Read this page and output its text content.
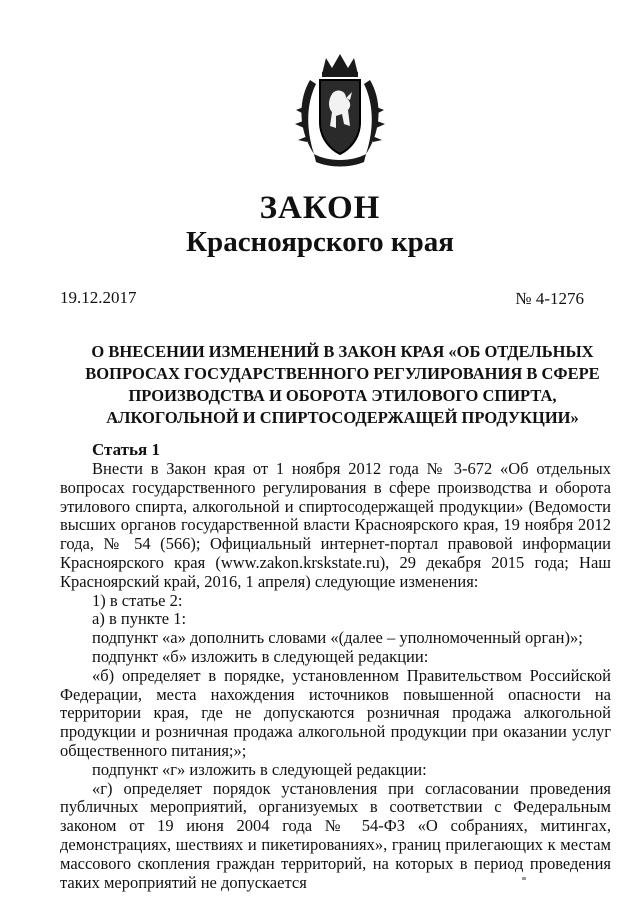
ЗАКОН
Красноярского края
19.12.2017	№ 4-1276
О ВНЕСЕНИИ ИЗМЕНЕНИЙ В ЗАКОН КРАЯ «ОБ ОТДЕЛЬНЫХ ВОПРОСАХ ГОСУДАРСТВЕННОГО РЕГУЛИРОВАНИЯ В СФЕРЕ ПРОИЗВОДСТВА И ОБОРОТА ЭТИЛОВОГО СПИРТА, АЛКОГОЛЬНОЙ И СПИРТОСОДЕРЖАЩЕЙ ПРОДУКЦИИ»
Статья 1

Внести в Закон края от 1 ноября 2012 года № 3-672 «Об отдельных вопросах государственного регулирования в сфере производства и оборота этилового спирта, алкогольной и спиртосодержащей продукции» (Ведомости высших органов государственной власти Красноярского края, 19 ноября 2012 года, № 54 (566); Официальный интернет-портал правовой информации Красноярского края (www.zakon.krskstate.ru), 29 декабря 2015 года; Наш Красноярский край, 2016, 1 апреля) следующие изменения:

1) в статье 2:

а) в пункте 1:

подпункт «а» дополнить словами «(далее – уполномоченный орган)»;

подпункт «б» изложить в следующей редакции:

«б) определяет в порядке, установленном Правительством Российской Федерации, места нахождения источников повышенной опасности на территории края, где не допускаются розничная продажа алкогольной продукции и розничная продажа алкогольной продукции при оказании услуг общественного питания;»;

подпункт «г» изложить в следующей редакции:

«г) определяет порядок установления при согласовании проведения публичных мероприятий, организуемых в соответствии с Федеральным законом от 19 июня 2004 года № 54-ФЗ «О собраниях, митингах, демонстрациях, шествиях и пикетированиях», границ прилегающих к местам массового скопления граждан территорий, на которых в период проведения таких мероприятий не допускается
